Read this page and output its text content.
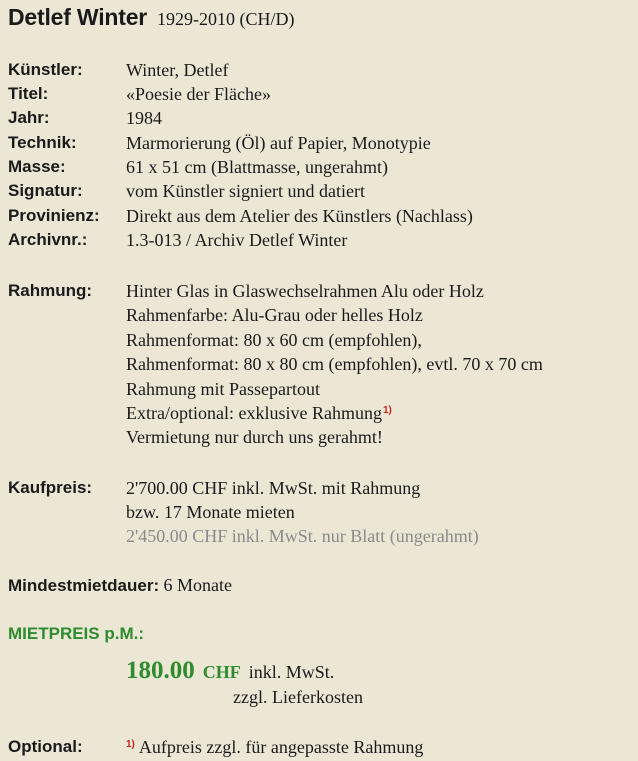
Detlef Winter 1929-2010 (CH/D)
Künstler: Winter, Detlef
Titel:	«Poesie der Fläche»
Jahr:	1984
Technik:	Marmorierung (Öl) auf Papier, Monotypie
Masse:	61 x 51 cm (Blattmasse, ungerahmt)
Signatur: vom Künstler signiert und datiert
Provinienz: Direkt aus dem Atelier des Künstlers (Nachlass)
Archivnr.: 1.3-013 / Archiv Detlef Winter
Rahmung: Hinter Glas in Glaswechselrahmen Alu oder Holz
Rahmenfarbe: Alu-Grau oder helles Holz
Rahmenformat: 80 x 60 cm (empfohlen),
Rahmenformat: 80 x 80 cm (empfohlen), evtl. 70 x 70 cm
Rahmung mit Passepartout
Extra/optional: exklusive Rahmung$^{1)}$
Vermietung nur durch uns gerahmt!
Kaufpreis: 2'700.00 CHF inkl. MwSt. mit Rahmung
bzw. 17 Monate mieten
2'450.00 CHF inkl. MwSt. nur Blatt (ungerahmt)
Mindestmietdauer: 6 Monate
MIETPREIS p.M.:
180.00 CHF inkl. MwSt.
zzgl. Lieferkosten
Optional:	$^{1)}$ Aufpreis zzgl. für angepasste Rahmung
